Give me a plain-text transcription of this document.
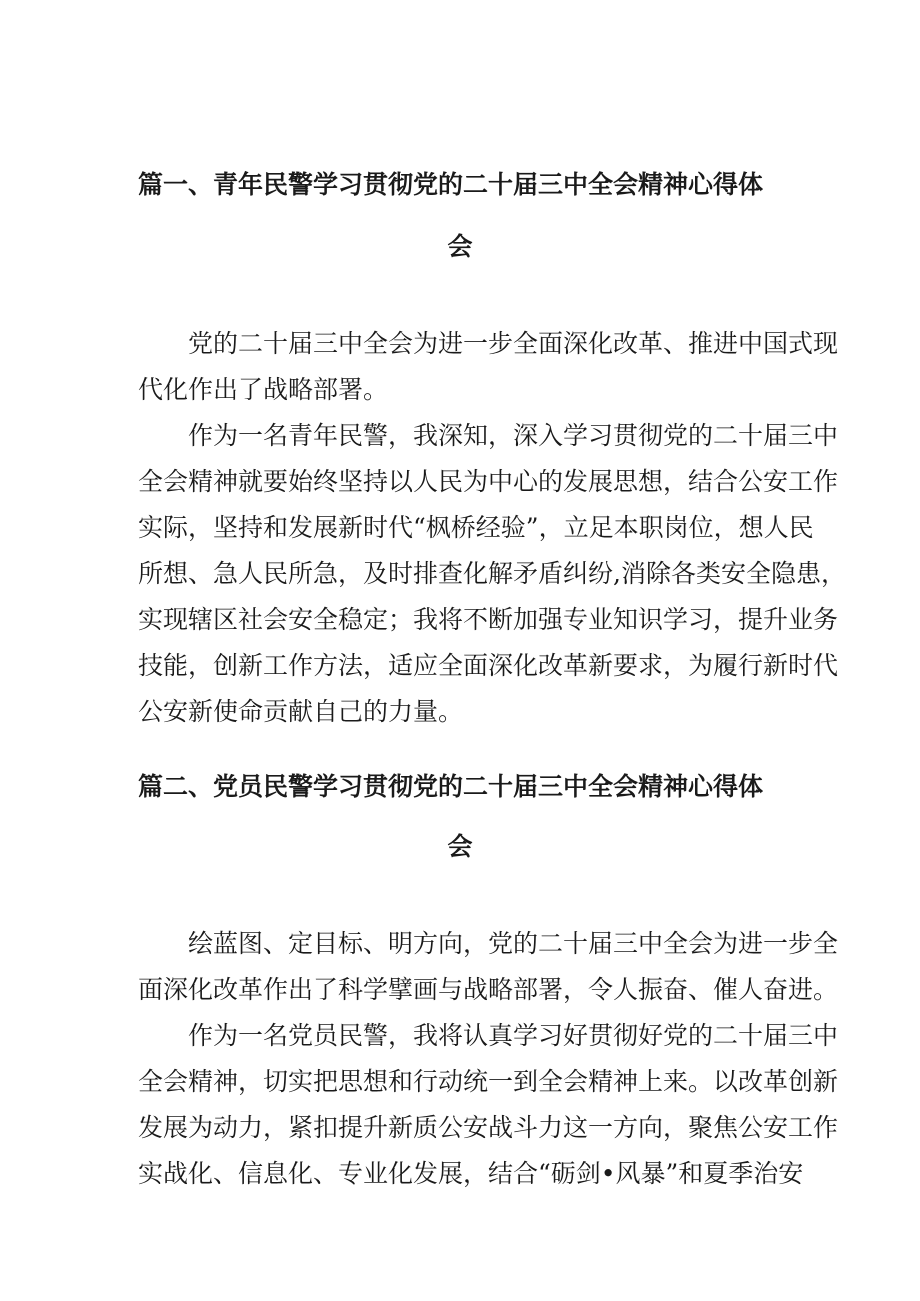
篇一、青年民警学习贯彻党的二十届三中全会精神心得体
会
党的二十届三中全会为进一步全面深化改革、推进中国式现
代化作出了战略部署。
作为一名青年民警，我深知，深入学习贯彻党的二十届三中
全会精神就要始终坚持以人民为中心的发展思想，结合公安工作
实际，坚持和发展新时代“枫桥经验”，立足本职岗位，想人民
所想、急人民所急，及时排查化解矛盾纠纷,消除各类安全隐患，
实现辖区社会安全稳定；我将不断加强专业知识学习，提升业务
技能，创新工作方法，适应全面深化改革新要求，为履行新时代
公安新使命贡献自己的力量。
篇二、党员民警学习贯彻党的二十届三中全会精神心得体
会
绘蓝图、定目标、明方向，党的二十届三中全会为进一步全
面深化改革作出了科学擘画与战略部署，令人振奋、催人奋进。
作为一名党员民警，我将认真学习好贯彻好党的二十届三中
全会精神，切实把思想和行动统一到全会精神上来。以改革创新
发展为动力，紧扣提升新质公安战斗力这一方向，聚焦公安工作
实战化、信息化、专业化发展，结合“砺剑•风暴”和夏季治安
